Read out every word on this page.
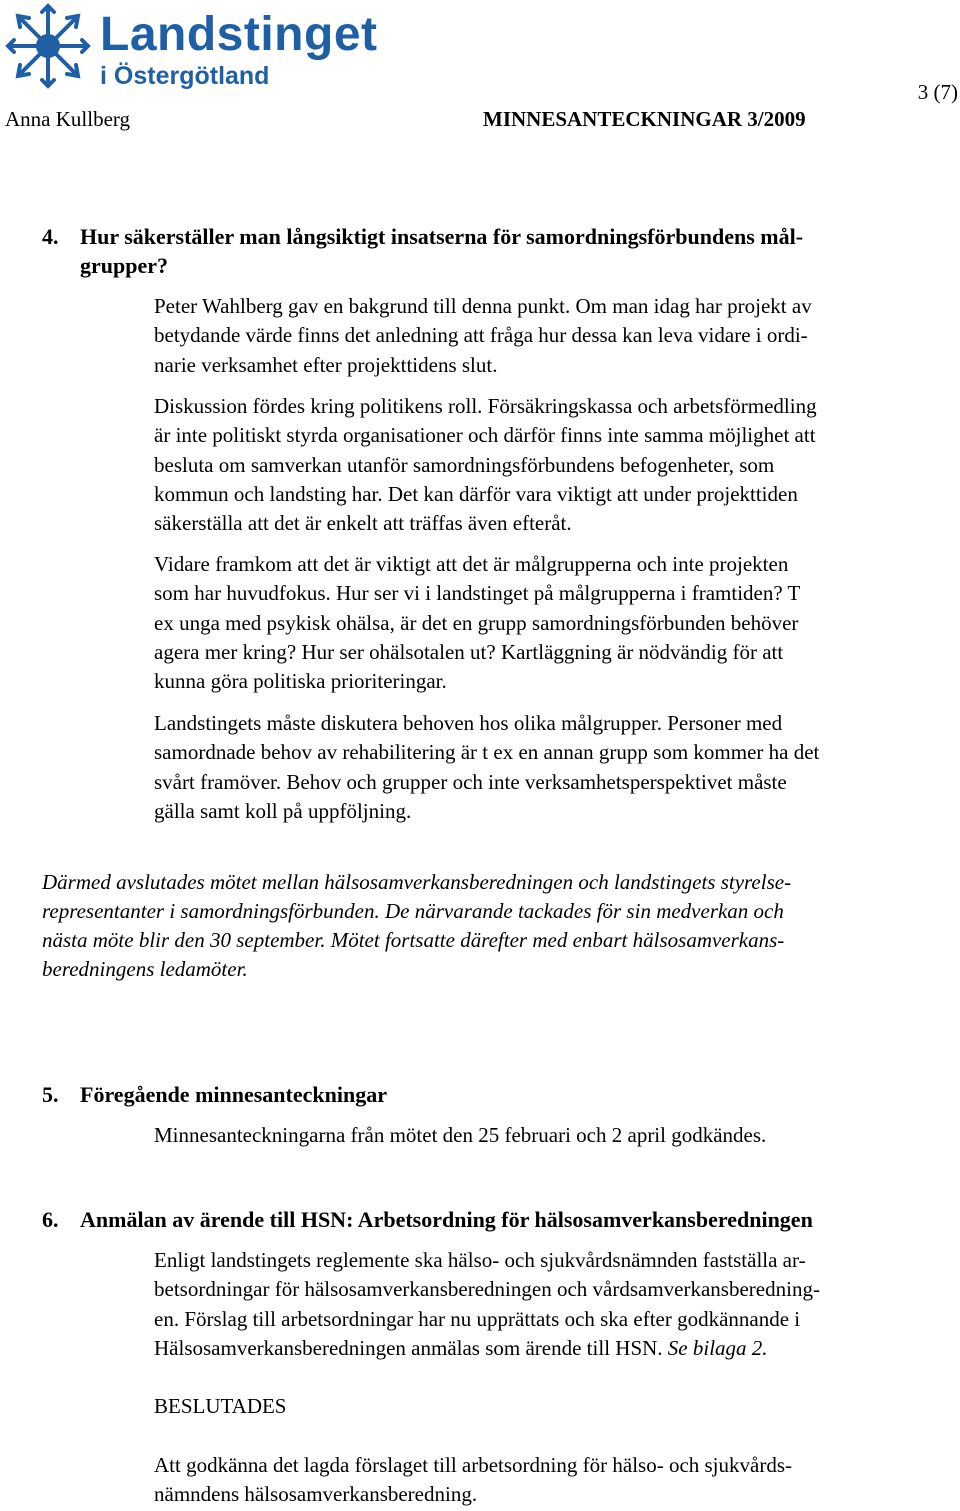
Landstinget
i Östergötland
3 (7)
Anna Kullberg	MINNESANTECKNINGAR 3/2009
4. Hur säkerställer man långsiktigt insatserna för samordningsförbundens mål-
grupper?

Peter Wahlberg gav en bakgrund till denna punkt. Om man idag har projekt av
betydande värde finns det anledning att fråga hur dessa kan leva vidare i ordi-
narie verksamhet efter projekttidens slut.

Diskussion fördes kring politikens roll. Försäkringskassa och arbetsförmedling
är inte politiskt styrda organisationer och därför finns inte samma möjlighet att
besluta om samverkan utanför samordningsförbundens befogenheter, som
kommun och landsting har. Det kan därför vara viktigt att under projekttiden
säkerställa att det är enkelt att träffas även efteråt.

Vidare framkom att det är viktigt att det är målgrupperna och inte projekten
som har huvudfokus. Hur ser vi i landstinget på målgrupperna i framtiden? T
ex unga med psykisk ohälsa, är det en grupp samordningsförbunden behöver
agera mer kring? Hur ser ohälsotalen ut? Kartläggning är nödvändig för att
kunna göra politiska prioriteringar.

Landstingets måste diskutera behoven hos olika målgrupper. Personer med
samordnade behov av rehabilitering är t ex en annan grupp som kommer ha det
svårt framöver. Behov och grupper och inte verksamhetsperspektivet måste
gälla samt koll på uppföljning.

Därmed avslutades mötet mellan hälsosamverkansberedningen och landstingets styrelse-
representanter i samordningsförbunden. De närvarande tackades för sin medverkan och
nästa möte blir den 30 september. Mötet fortsatte därefter med enbart hälsosamverkans-
beredningens ledamöter.

5. Föregående minnesanteckningar

Minnesanteckningarna från mötet den 25 februari och 2 april godkändes.

6. Anmälan av ärende till HSN: Arbetsordning för hälsosamverkansberedningen

Enligt landstingets reglemente ska hälso- och sjukvårdsnämnden fastställa ar-
betsordningar för hälsosamverkansberedningen och vårdsamverkansberedning-
en. Förslag till arbetsordningar har nu upprättats och ska efter godkännande i
Hälsosamverkansberedningen anmälas som ärende till HSN. Se bilaga 2.

BESLUTADES

Att godkänna det lagda förslaget till arbetsordning för hälso- och sjukvårds-
nämndens hälsosamverkansberedning.
